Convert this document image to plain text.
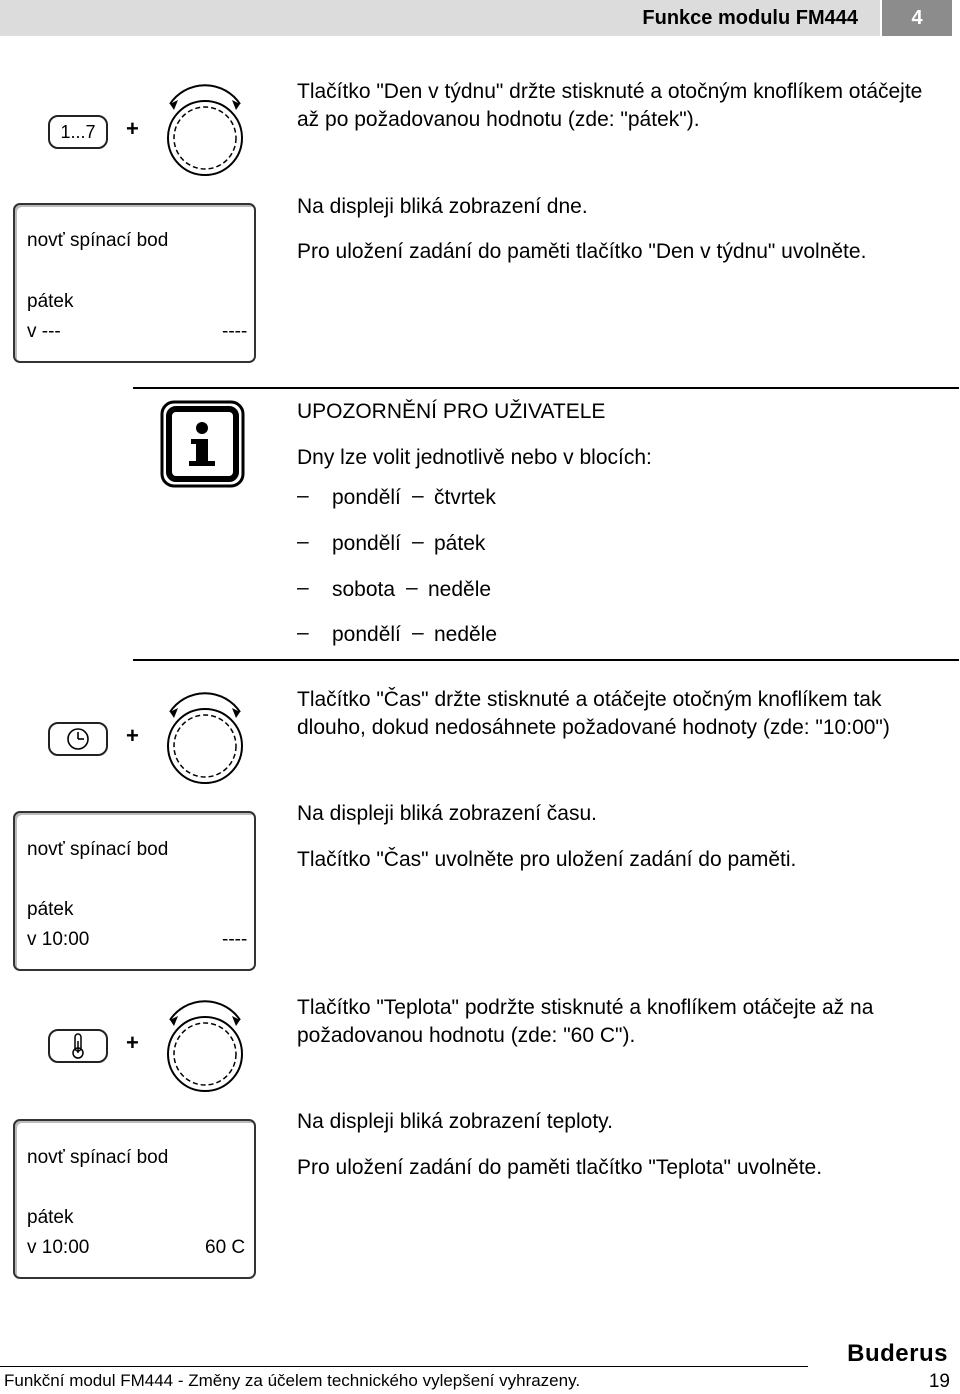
Funkce modulu FM444	4
1...7	+
Tlačítko "Den v týdnu" držte stisknuté a otočným knoflíkem otáčejte až po požadovanou hodnotu (zde: "pátek").
novť spínací bod
pátek
v ---	----
Na displeji bliká zobrazení dne.
Pro uložení zadání do paměti tlačítko "Den v týdnu" uvolněte.
UPOZORNĚNÍ PRO UŽIVATELE
Dny lze volit jednotlivě nebo v blocích:
– pondělí – čtvrtek
– pondělí – pátek
– sobota – neděle
– pondělí – neděle
+
Tlačítko "Čas" držte stisknuté a otáčejte otočným knoflíkem tak dlouho, dokud nedosáhnete požadované hodnoty (zde: "10:00")
novť spínací bod
pátek
v 10:00	----
Na displeji bliká zobrazení času.
Tlačítko "Čas" uvolněte pro uložení zadání do paměti.
+
Tlačítko "Teplota" podržte stisknuté a knoflíkem otáčejte až na požadovanou hodnotu (zde: "60 C").
novť spínací bod
pátek
v 10:00	60 C
Na displeji bliká zobrazení teploty.
Pro uložení zadání do paměti tlačítko "Teplota" uvolněte.
Buderus
Funkční modul FM444 - Změny za účelem technického vylepšení vyhrazeny.	19
